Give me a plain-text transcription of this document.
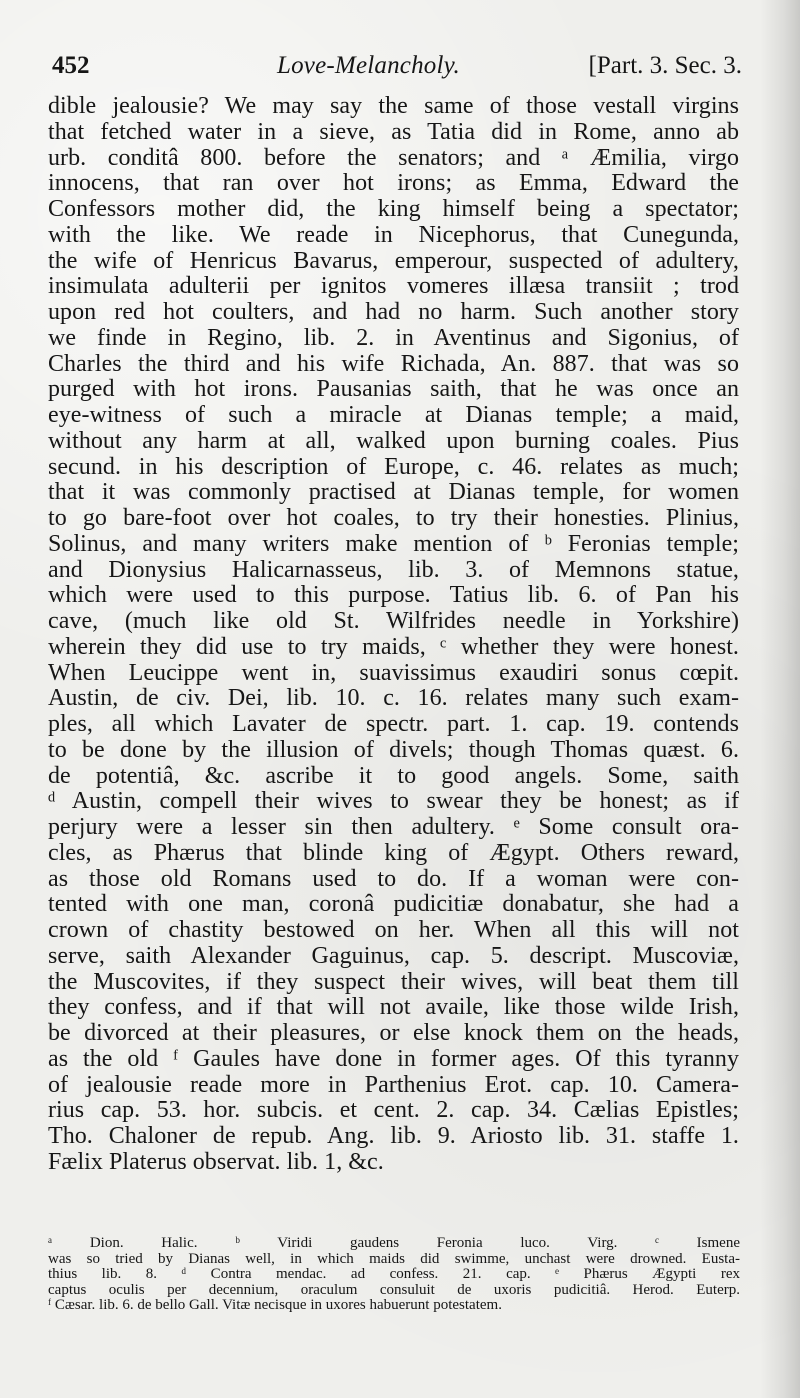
452	Love-Melancholy.	[Part. 3. Sec. 3.
dible jealousie? We may say the same of those vestall virgins
that fetched water in a sieve, as Tatia did in Rome, anno ab
urb. conditâ 800. before the senators; and ᵃ Æmilia, virgo
innocens, that ran over hot irons; as Emma, Edward the
Confessors mother did, the king himself being a spectator;
with the like. We reade in Nicephorus, that Cunegunda,
the wife of Henricus Bavarus, emperour, suspected of adultery,
insimulata adulterii per ignitos vomeres illæsa transiit ; trod
upon red hot coulters, and had no harm. Such another story
we finde in Regino, lib. 2. in Aventinus and Sigonius, of
Charles the third and his wife Richada, An. 887. that was so
purged with hot irons. Pausanias saith, that he was once an
eye-witness of such a miracle at Dianas temple; a maid,
without any harm at all, walked upon burning coales. Pius
secund. in his description of Europe, c. 46. relates as much;
that it was commonly practised at Dianas temple, for women
to go bare-foot over hot coales, to try their honesties. Plinius,
Solinus, and many writers make mention of ᵇ Feronias temple;
and Dionysius Halicarnasseus, lib. 3. of Memnons statue,
which were used to this purpose. Tatius lib. 6. of Pan his
cave, (much like old St. Wilfrides needle in Yorkshire)
wherein they did use to try maids, ᶜ whether they were honest.
When Leucippe went in, suavissimus exaudiri sonus cœpit.
Austin, de civ. Dei, lib. 10. c. 16. relates many such exam-
ples, all which Lavater de spectr. part. 1. cap. 19. contends
to be done by the illusion of divels; though Thomas quæst. 6.
de potentiâ, &c. ascribe it to good angels. Some, saith
ᵈ Austin, compell their wives to swear they be honest; as if
perjury were a lesser sin then adultery. ᵉ Some consult ora-
cles, as Phærus that blinde king of Ægypt. Others reward,
as those old Romans used to do. If a woman were con-
tented with one man, coronâ pudicitiæ donabatur, she had a
crown of chastity bestowed on her. When all this will not
serve, saith Alexander Gaguinus, cap. 5. descript. Muscoviæ,
the Muscovites, if they suspect their wives, will beat them till
they confess, and if that will not availe, like those wilde Irish,
be divorced at their pleasures, or else knock them on the heads,
as the old ᶠ Gaules have done in former ages. Of this tyranny
of jealousie reade more in Parthenius Erot. cap. 10. Camera-
rius cap. 53. hor. subcis. et cent. 2. cap. 34. Cælias Epistles;
Tho. Chaloner de repub. Ang. lib. 9. Ariosto lib. 31. staffe 1.
Fælix Platerus observat. lib. 1, &c.
ᵃ Dion. Halic. ᵇ Viridi gaudens Feronia luco. Virg. ᶜ Ismene
was so tried by Dianas well, in which maids did swimme, unchast were drowned. Eusta-
thius lib. 8. ᵈ Contra mendac. ad confess. 21. cap. ᵉ Phærus Ægypti rex
captus oculis per decennium, oraculum consuluit de uxoris pudicitiâ. Herod. Euterp.
ᶠ Cæsar. lib. 6. de bello Gall. Vitæ necisque in uxores habuerunt potestatem.
